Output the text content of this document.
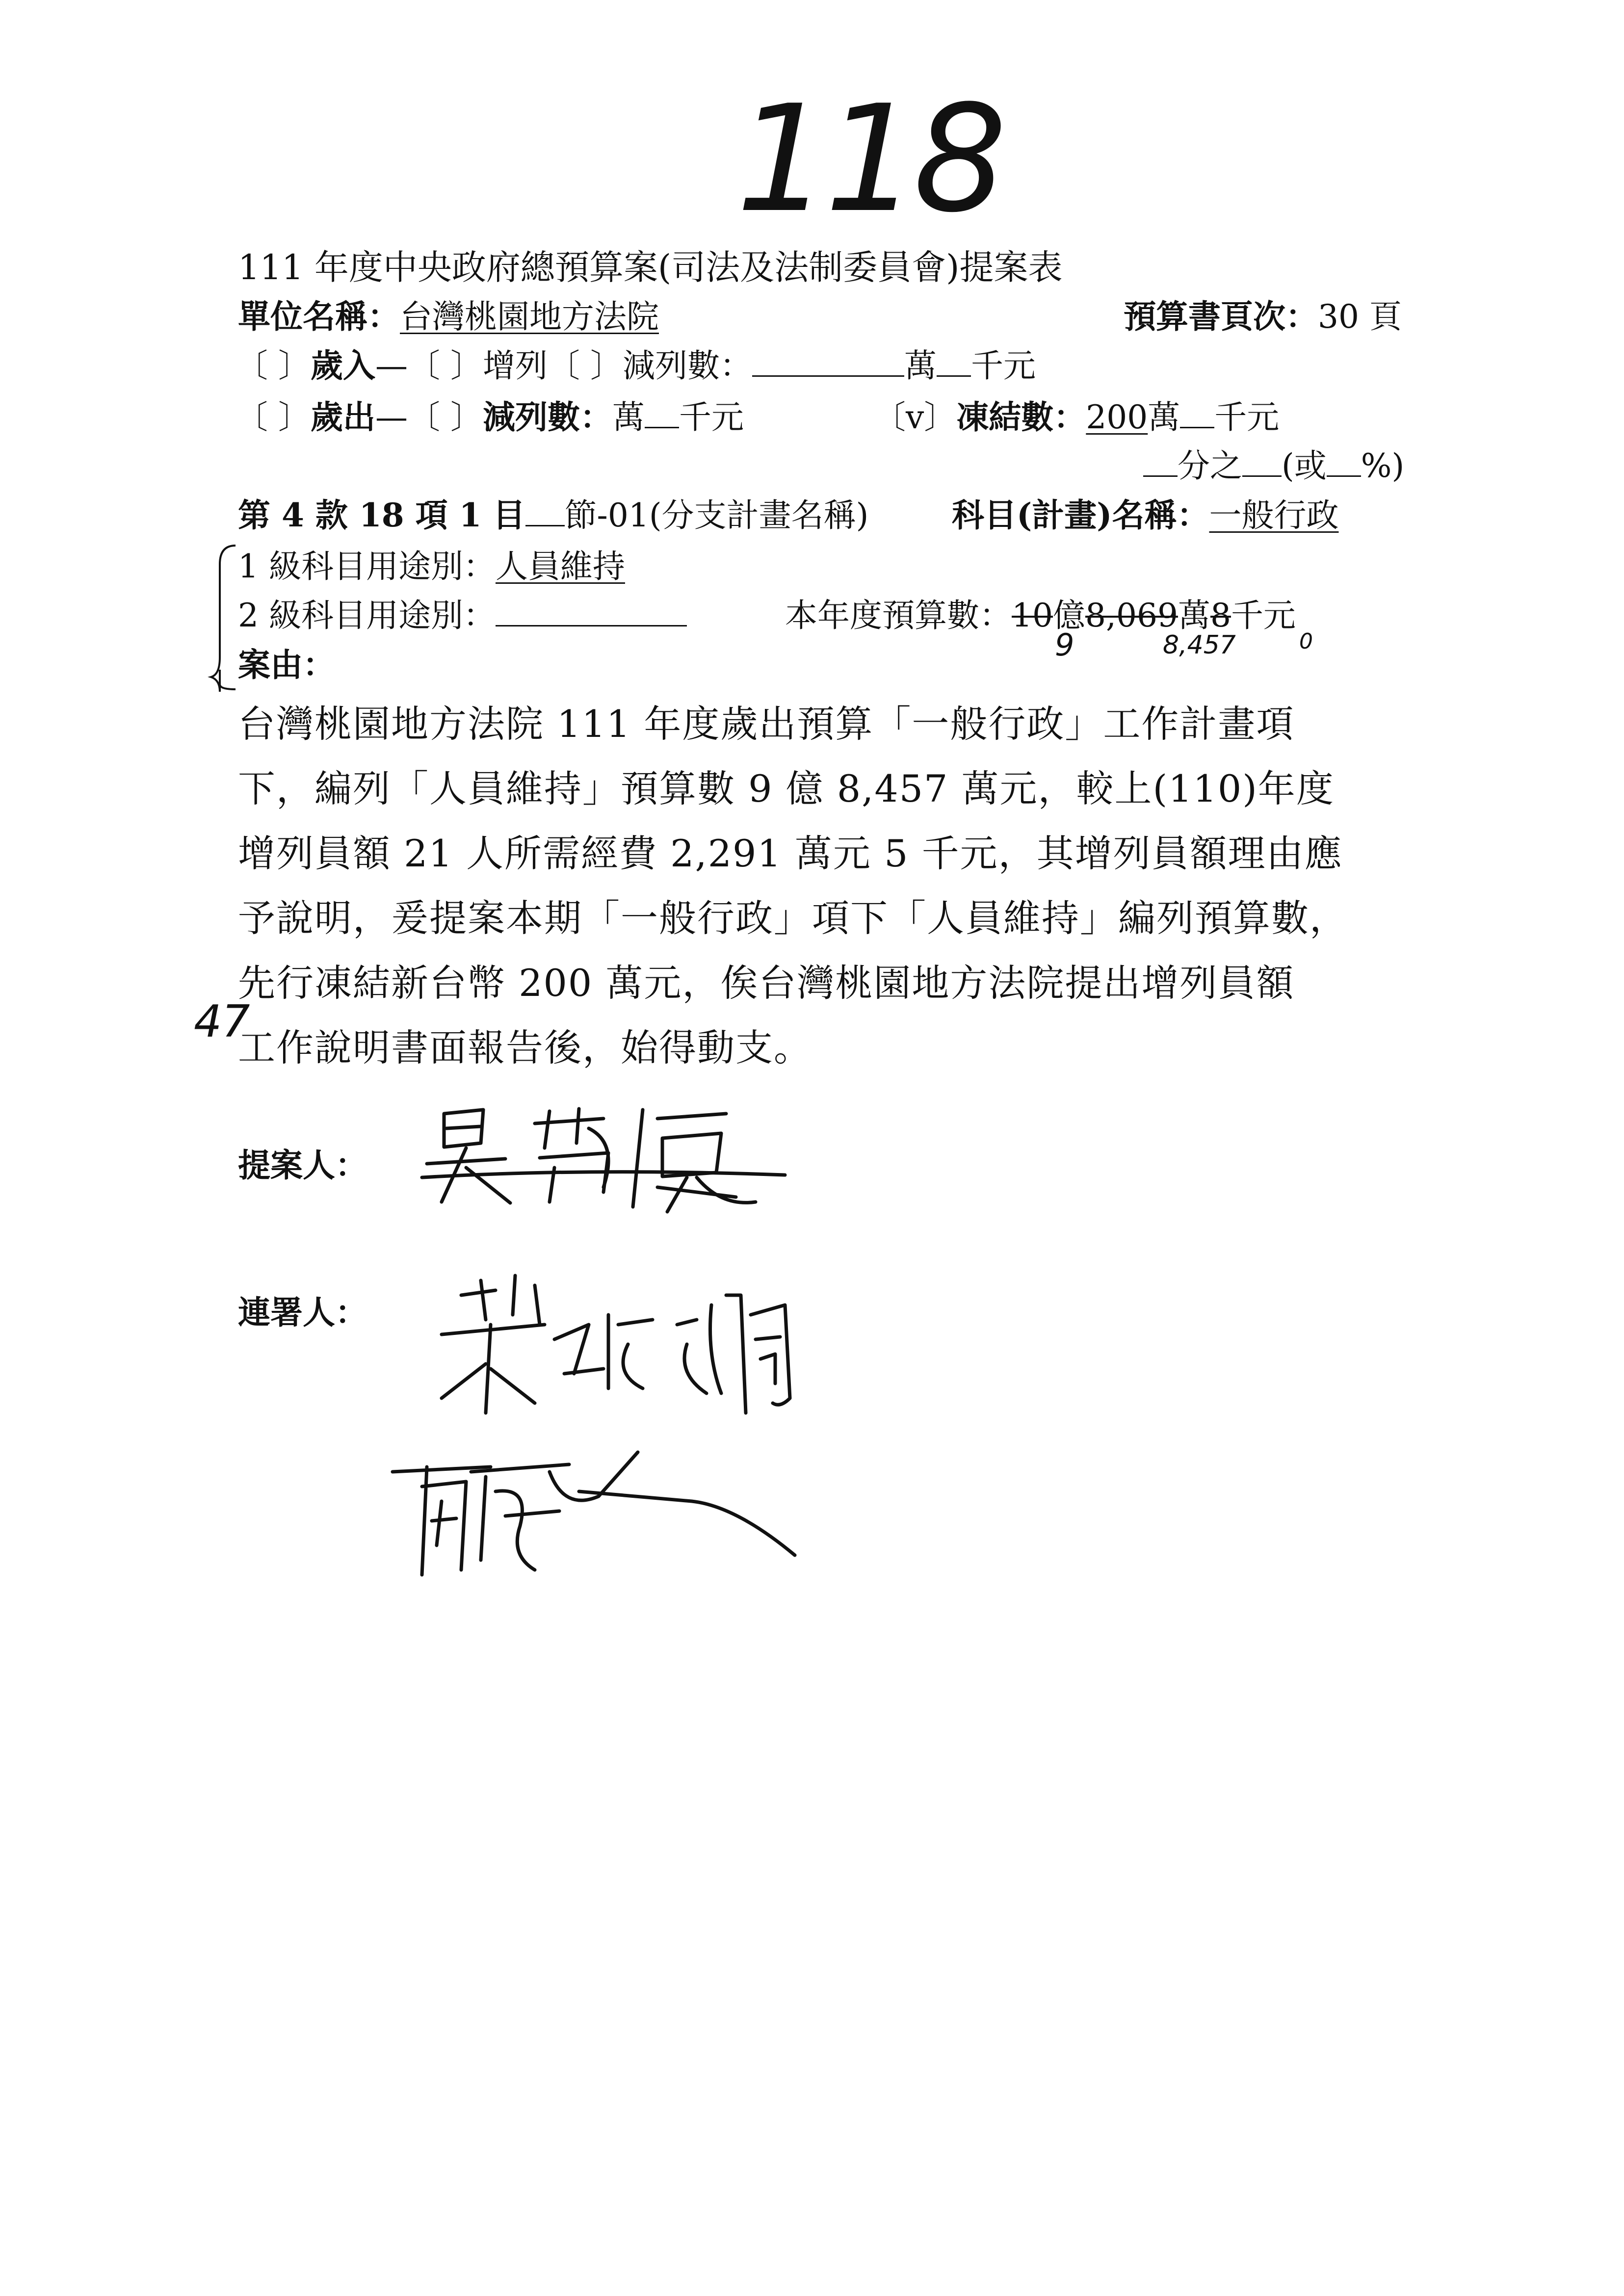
118
111 年度中央政府總預算案(司法及法制委員會)提案表
單位名稱：台灣桃園地方法院	預算書頁次：30 頁
〔 〕歲入—〔 〕增列〔 〕減列數：	萬 千元
〔 〕歲出—〔 〕減列數：萬 千元	〔v〕凍結數：200萬 千元
分之 (或 %)
第 4 款 18 項 1 目 節-01(分支計畫名稱)	科目(計畫)名稱：一般行政
1 級科目用途別：人員維持
2 級科目用途別：	本年度預算數：10億8,069萬8千元
9	8,457	0
案由：
台灣桃園地方法院 111 年度歲出預算「一般行政」工作計畫項
下，編列「人員維持」預算數 9 億 8,457 萬元，較上(110)年度
增列員額 21 人所需經費 2,291 萬元 5 千元，其增列員額理由應
予說明，爰提案本期「一般行政」項下「人員維持」編列預算數，
先行凍結新台幣 200 萬元，俟台灣桃園地方法院提出增列員額
工作說明書面報告後，始得動支。
47
提案人：
連署人：
